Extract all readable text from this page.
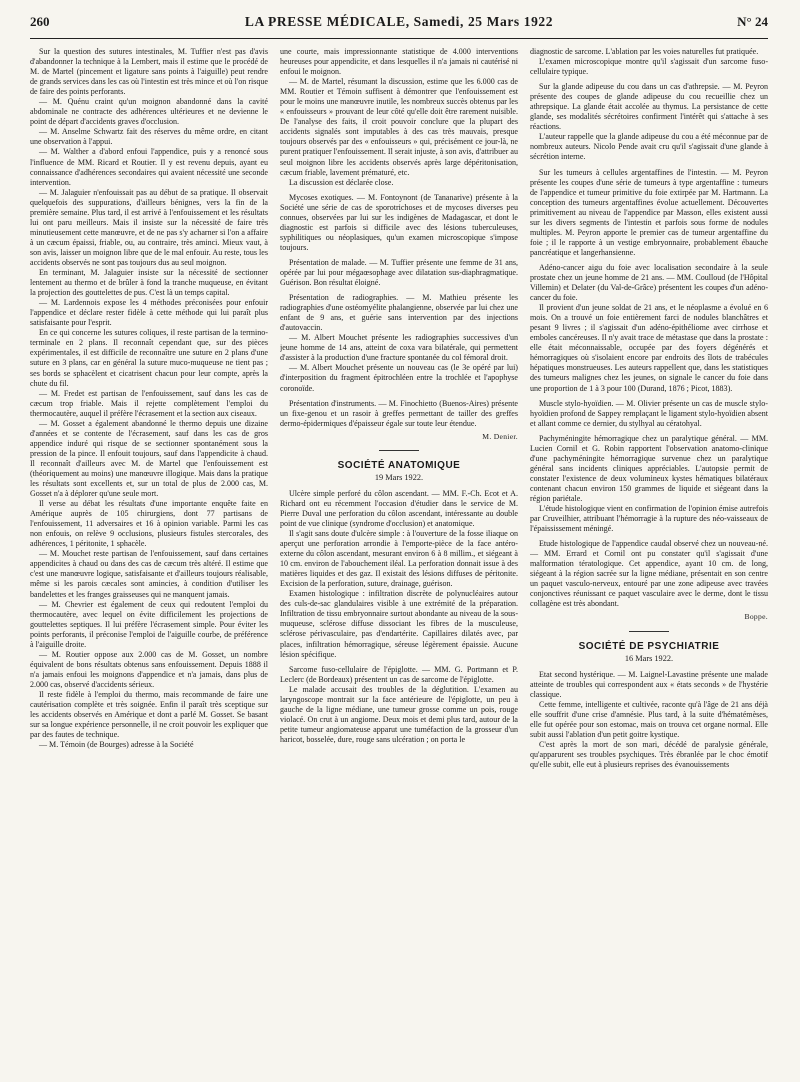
260	LA PRESSE MÉDICALE, Samedi, 25 Mars 1922	N° 24

Sur la question des sutures intestinales, M. Tuffier n'est pas d'avis d'abandonner la technique à la Lembert, mais il estime que le procédé de M. de Martel (pincement et ligature sans points à l'aiguille) peut rendre de grands services dans les cas où l'intestin est très mince et où l'on risque de faire des points perforants.

— M. Quénu craint qu'un moignon abandonné dans la cavité abdominale ne contracte des adhérences ultérieures et ne devienne le point de départ d'accidents graves d'occlusion.

— M. Anselme Schwartz fait des réserves du même ordre, en citant une observation à l'appui.

— M. Walther a d'abord enfoui l'appendice, puis y a renoncé sous l'influence de MM. Ricard et Routier. Il y est revenu depuis, ayant eu connaissance d'adhérences secondaires qui avaient nécessité une seconde intervention.

— M. Jalaguier n'enfouissait pas au début de sa pratique. Il observait quelquefois des suppurations, d'ailleurs bénignes, vers la fin de la première semaine. Plus tard, il est arrivé à l'enfouissement et les résultats lui ont paru meilleurs. Mais il insiste sur la nécessité de faire très minutieusement cette manœuvre, et de ne pas s'y acharner si l'on a affaire à un cæcum épaissi, friable, ou, au contraire, très aminci. Mieux vaut, à son avis, laisser un moignon libre que de le mal enfouir. Au reste, tous les accidents observés ne sont pas toujours dus au seul moignon.

En terminant, M. Jalaguier insiste sur la nécessité de sectionner lentement au thermo et de brûler à fond la tranche muqueuse, en évitant la projection des gouttelettes de pus. C'est là un temps capital.

— M. Lardennois expose les 4 méthodes préconisées pour enfouir l'appendice et déclare rester fidèle à cette méthode qui lui paraît plus satisfaisante pour l'esprit.

En ce qui concerne les sutures coliques, il reste partisan de la termino-terminale en 2 plans. Il reconnaît cependant que, sur des pièces expérimentales, il est difficile de reconnaître une suture en 2 plans d'une suture en 3 plans, car en général la suture muco-muqueuse ne tient pas ; ses bords se sphacèlent et cicatrisent chacun pour leur compte, après la chute du fil.

— M. Fredet est partisan de l'enfouissement, sauf dans les cas de cæcum trop friable. Mais il rejette complètement l'emploi du thermocautère, auquel il préfère l'écrasement et la section aux ciseaux.

— M. Gosset a également abandonné le thermo depuis une dizaine d'années et se contente de l'écrasement, sauf dans les cas de gros appendice induré qui risque de se sectionner spontanément sous la pression de la pince. Il enfouit toujours, sauf dans l'appendicite à chaud. Il reconnaît d'ailleurs avec M. de Martel que l'enfouissement est (théoriquement au moins) une manœuvre illogique. Mais dans la pratique les résultats sont excellents et, sur un total de plus de 2.000 cas, M. Gosset n'a à déplorer qu'une seule mort.

Il verse au débat les résultats d'une importante enquête faite en Amérique auprès de 105 chirurgiens, dont 77 partisans de l'enfouissement, 11 adversaires et 16 à opinion variable. Parmi les cas non enfouis, on relève 9 occlusions, plusieurs fistules stercorales, des adhérences, 1 péritonite, 1 sphacèle.

— M. Mouchet reste partisan de l'enfouissement, sauf dans certaines appendicites à chaud ou dans des cas de cæcum très altéré. Il estime que c'est une manœuvre logique, satisfaisante et d'ailleurs toujours réalisable, même si les parois cæcales sont amincies, à condition d'utiliser les bandelettes et les franges graisseuses qui ne manquent jamais.

— M. Chevrier est également de ceux qui redoutent l'emploi du thermocautère, avec lequel on évite difficilement les projections de gouttelettes septiques. Il lui préfère l'écrasement simple. Pour éviter les points perforants, il préconise l'emploi de l'aiguille courbe, de préférence à l'aiguille droite.

— M. Routier oppose aux 2.000 cas de M. Gosset, un nombre équivalent de bons résultats obtenus sans enfouissement. Depuis 1888 il n'a jamais enfoui les moignons d'appendice et n'a jamais, dans plus de 2.000 cas, observé d'accidents sérieux.

Il reste fidèle à l'emploi du thermo, mais recommande de faire une cautérisation complète et très soignée. Enfin il paraît très sceptique sur les accidents observés en Amérique et dont a parlé M. Gosset. Se basant sur sa longue expérience personnelle, il ne croit pouvoir les expliquer que par des fautes de technique.

— M. Témoin (de Bourges) adresse à la Société

une courte, mais impressionnante statistique de 4.000 interventions heureuses pour appendicite, et dans lesquelles il n'a jamais ni cautérisé ni enfoui le moignon.

— M. de Martel, résumant la discussion, estime que les 6.000 cas de MM. Routier et Témoin suffisent à démontrer que l'enfouissement est pour le moins une manœuvre inutile, les nombreux succès obtenus par les « enfouisseurs » prouvant de leur côté qu'elle doit être rarement nuisible. De l'analyse des faits, il croit pouvoir conclure que la plupart des accidents signalés sont imputables à des cas très mauvais, presque toujours observés par des « enfouisseurs » qui, précisément ce jour-là, ne purent pratiquer l'enfouissement. Il serait injuste, à son avis, d'attribuer au seul moignon libre les accidents observés après large dépéritonisation, cæcum friable, lavement prématuré, etc.

La discussion est déclarée close.

Mycoses exotiques. — M. Fontoynont (de Tananarive) présente à la Société une série de cas de sporotrichoses et de mycoses diverses peu connues, observées par lui sur les indigènes de Madagascar, et dont le diagnostic est parfois si difficile avec des lésions tuberculeuses, syphilitiques ou néoplasiques, qu'un examen microscopique s'impose toujours.

Présentation de malade. — M. Tuffier présente une femme de 31 ans, opérée par lui pour mégaœsophage avec dilatation sus-diaphragmatique. Guérison. Bon résultat éloigné.

Présentation de radiographies. — M. Mathieu présente les radiographies d'une ostéomyélite phalangienne, observée par lui chez une enfant de 9 ans, et guérie sans intervention par des injections d'autovaccin.

— M. Albert Mouchet présente les radiographies successives d'un jeune homme de 14 ans, atteint de coxa vara bilatérale, qui permettent d'assister à la production d'une fracture spontanée du col fémoral droit.

— M. Albert Mouchet présente un nouveau cas (le 3e opéré par lui) d'interposition du fragment épitrochléen entre la trochlée et l'apophyse coronoïde.

Présentation d'instruments. — M. Finochietto (Buenos-Aires) présente un fixe-genou et un rasoir à greffes permettant de tailler des greffes dermo-épidermiques d'épaisseur égale sur toute leur étendue.

M. Denier.
SOCIÉTÉ ANATOMIQUE
19 Mars 1922.

Ulcère simple perforé du côlon ascendant. — MM. F.-Ch. Ecot et A. Richard ont eu récemment l'occasion d'étudier dans le service de M. Pierre Duval une perforation du côlon ascendant, intéressante au double point de vue clinique (syndrome d'occlusion) et anatomique.

Il s'agit sans doute d'ulcère simple : à l'ouverture de la fosse iliaque on aperçut une perforation arrondie à l'emporte-pièce de la face antéro-externe du côlon ascendant, mesurant environ 6 à 8 millim., et siégeant à 10 cm. environ de l'abouchement iléal. La perforation donnait issue à des matières liquides et des gaz. Il existait des lésions diffuses de péritonite. Excision de la perforation, suture, drainage, guérison.

Examen histologique : infiltration discrète de polynucléaires autour des culs-de-sac glandulaires visible à une extrémité de la préparation. Infiltration de tissu embryonnaire surtout abondante au niveau de la sous-muqueuse, sclérose diffuse dissociant les fibres de la musculeuse, sclérose périvasculaire, pas d'endartérite. Capillaires dilatés avec, par places, infiltration hémorragique, séreuse légèrement épaissie. Aucune lésion spécifique.

Sarcome fuso-cellulaire de l'épiglotte. — MM. G. Portmann et P. Leclerc (de Bordeaux) présentent un cas de sarcome de l'épiglotte.

Le malade accusait des troubles de la déglutition. L'examen au laryngoscope montrait sur la face antérieure de l'épiglotte, un peu à gauche de la ligne médiane, une tumeur grosse comme un pois, rouge violacé. On crut à un angiome. Deux mois et demi plus tard, autour de la petite tumeur angiomateuse apparut une tuméfaction de la grosseur d'un haricot, bosselée, dure, rouge sans ulcération ; on porta le

diagnostic de sarcome. L'ablation par les voies naturelles fut pratiquée.

L'examen microscopique montre qu'il s'agissait d'un sarcome fuso-cellulaire typique.

Sur la glande adipeuse du cou dans un cas d'athrepsie. — M. Peyron présente des coupes de glande adipeuse du cou recueillie chez un athrepsique. La glande était accolée au thymus. La persistance de cette glande, ses modalités sécrétoires confirment l'intérêt qui s'attache à ses réactions.

L'auteur rappelle que la glande adipeuse du cou a été méconnue par de nombreux auteurs. Nicolo Pende avait cru qu'il s'agissait d'une glande à sécrétion interne.

Sur les tumeurs à cellules argentaffines de l'intestin. — M. Peyron présente les coupes d'une série de tumeurs à type argentaffine : tumeurs de l'appendice et tumeur primitive du foie extirpée par M. Hartmann. La conception des tumeurs argentaffines évolue actuellement. Découvertes primitivement au niveau de l'appendice par Masson, elles existent aussi sur les divers segments de l'intestin et parfois sous forme de nodules multiples. M. Peyron apporte le premier cas de tumeur argentaffine du foie ; il le rapporte à un vestige embryonnaire, probablement ébauche pancréatique et langerhansienne.

Adéno-cancer aigu du foie avec localisation secondaire à la seule prostate chez un jeune homme de 21 ans. — MM. Coulloud (de l'Hôpital Villemin) et Delater (du Val-de-Grâce) présentent les coupes d'un adéno-cancer du foie.

Il provient d'un jeune soldat de 21 ans, et le néoplasme a évolué en 6 mois. On a trouvé un foie entièrement farci de nodules blanchâtres et pesant 9 livres ; il s'agissait d'un adéno-épithéliome avec cirrhose et emboles cancéreuses. Il n'y avait trace de métastase que dans la prostate : elle était méconnaissable, occupée par des foyers dégénérés et hémorragiques où s'isolaient encore par endroits des îlots de trabécules hépatiques monstrueuses. Les auteurs rappellent que, dans les statistiques des tumeurs malignes chez les jeunes, on signale le cancer du foie dans une proportion de 1 à 3 pour 100 (Durand, 1876 ; Picot, 1883).

Muscle stylo-hyoïdien. — M. Olivier présente un cas de muscle stylo-hyoïdien profond de Sappey remplaçant le ligament stylo-hyoïdien absent et allant comme ce dernier, du stylhyal au cératohyal.

Pachyméningite hémorragique chez un paralytique général. — MM. Lucien Cornil et G. Robin rapportent l'observation anatomo-clinique d'une pachyméningite hémorragique survenue chez un paralytique général sans incidents cliniques appréciables. L'autopsie permit de constater l'existence de deux volumineux kystes hématiques bilatéraux contenant chacun environ 150 grammes de liquide et siégeant dans la région pariétale.

L'étude histologique vient en confirmation de l'opinion émise autrefois par Cruveilhier, attribuant l'hémorragie à la rupture des néo-vaisseaux de l'épaississement méningé.

Etude histologique de l'appendice caudal observé chez un nouveau-né. — MM. Errard et Cornil ont pu constater qu'il s'agissait d'une malformation tératologique. Cet appendice, ayant 10 cm. de long, siégeant à la région sacrée sur la ligne médiane, présentait en son centre un paquet vasculo-nerveux, entouré par une zone adipeuse avec travées conjonctives réunissant ce paquet vasculaire avec le derme, dont le tissu collagène est très abondant.

Boppe.
SOCIÉTÉ DE PSYCHIATRIE
16 Mars 1922.

Etat second hystérique. — M. Laignel-Lavastine présente une malade atteinte de troubles qui correspondent aux « états seconds » de l'hystérie classique.

Cette femme, intelligente et cultivée, raconte qu'à l'âge de 21 ans déjà elle souffrit d'une crise d'amnésie. Plus tard, à la suite d'hématémèses, elle fut opérée pour son estomac, mais on trouva cet organe normal. Elle subit aussi l'ablation d'un petit goitre kystique.

C'est après la mort de son mari, décédé de paralysie générale, qu'apparurent ses troubles psychiques. Très ébranlée par le choc émotif qu'elle subit, elle eut à plusieurs reprises des évanouissements
